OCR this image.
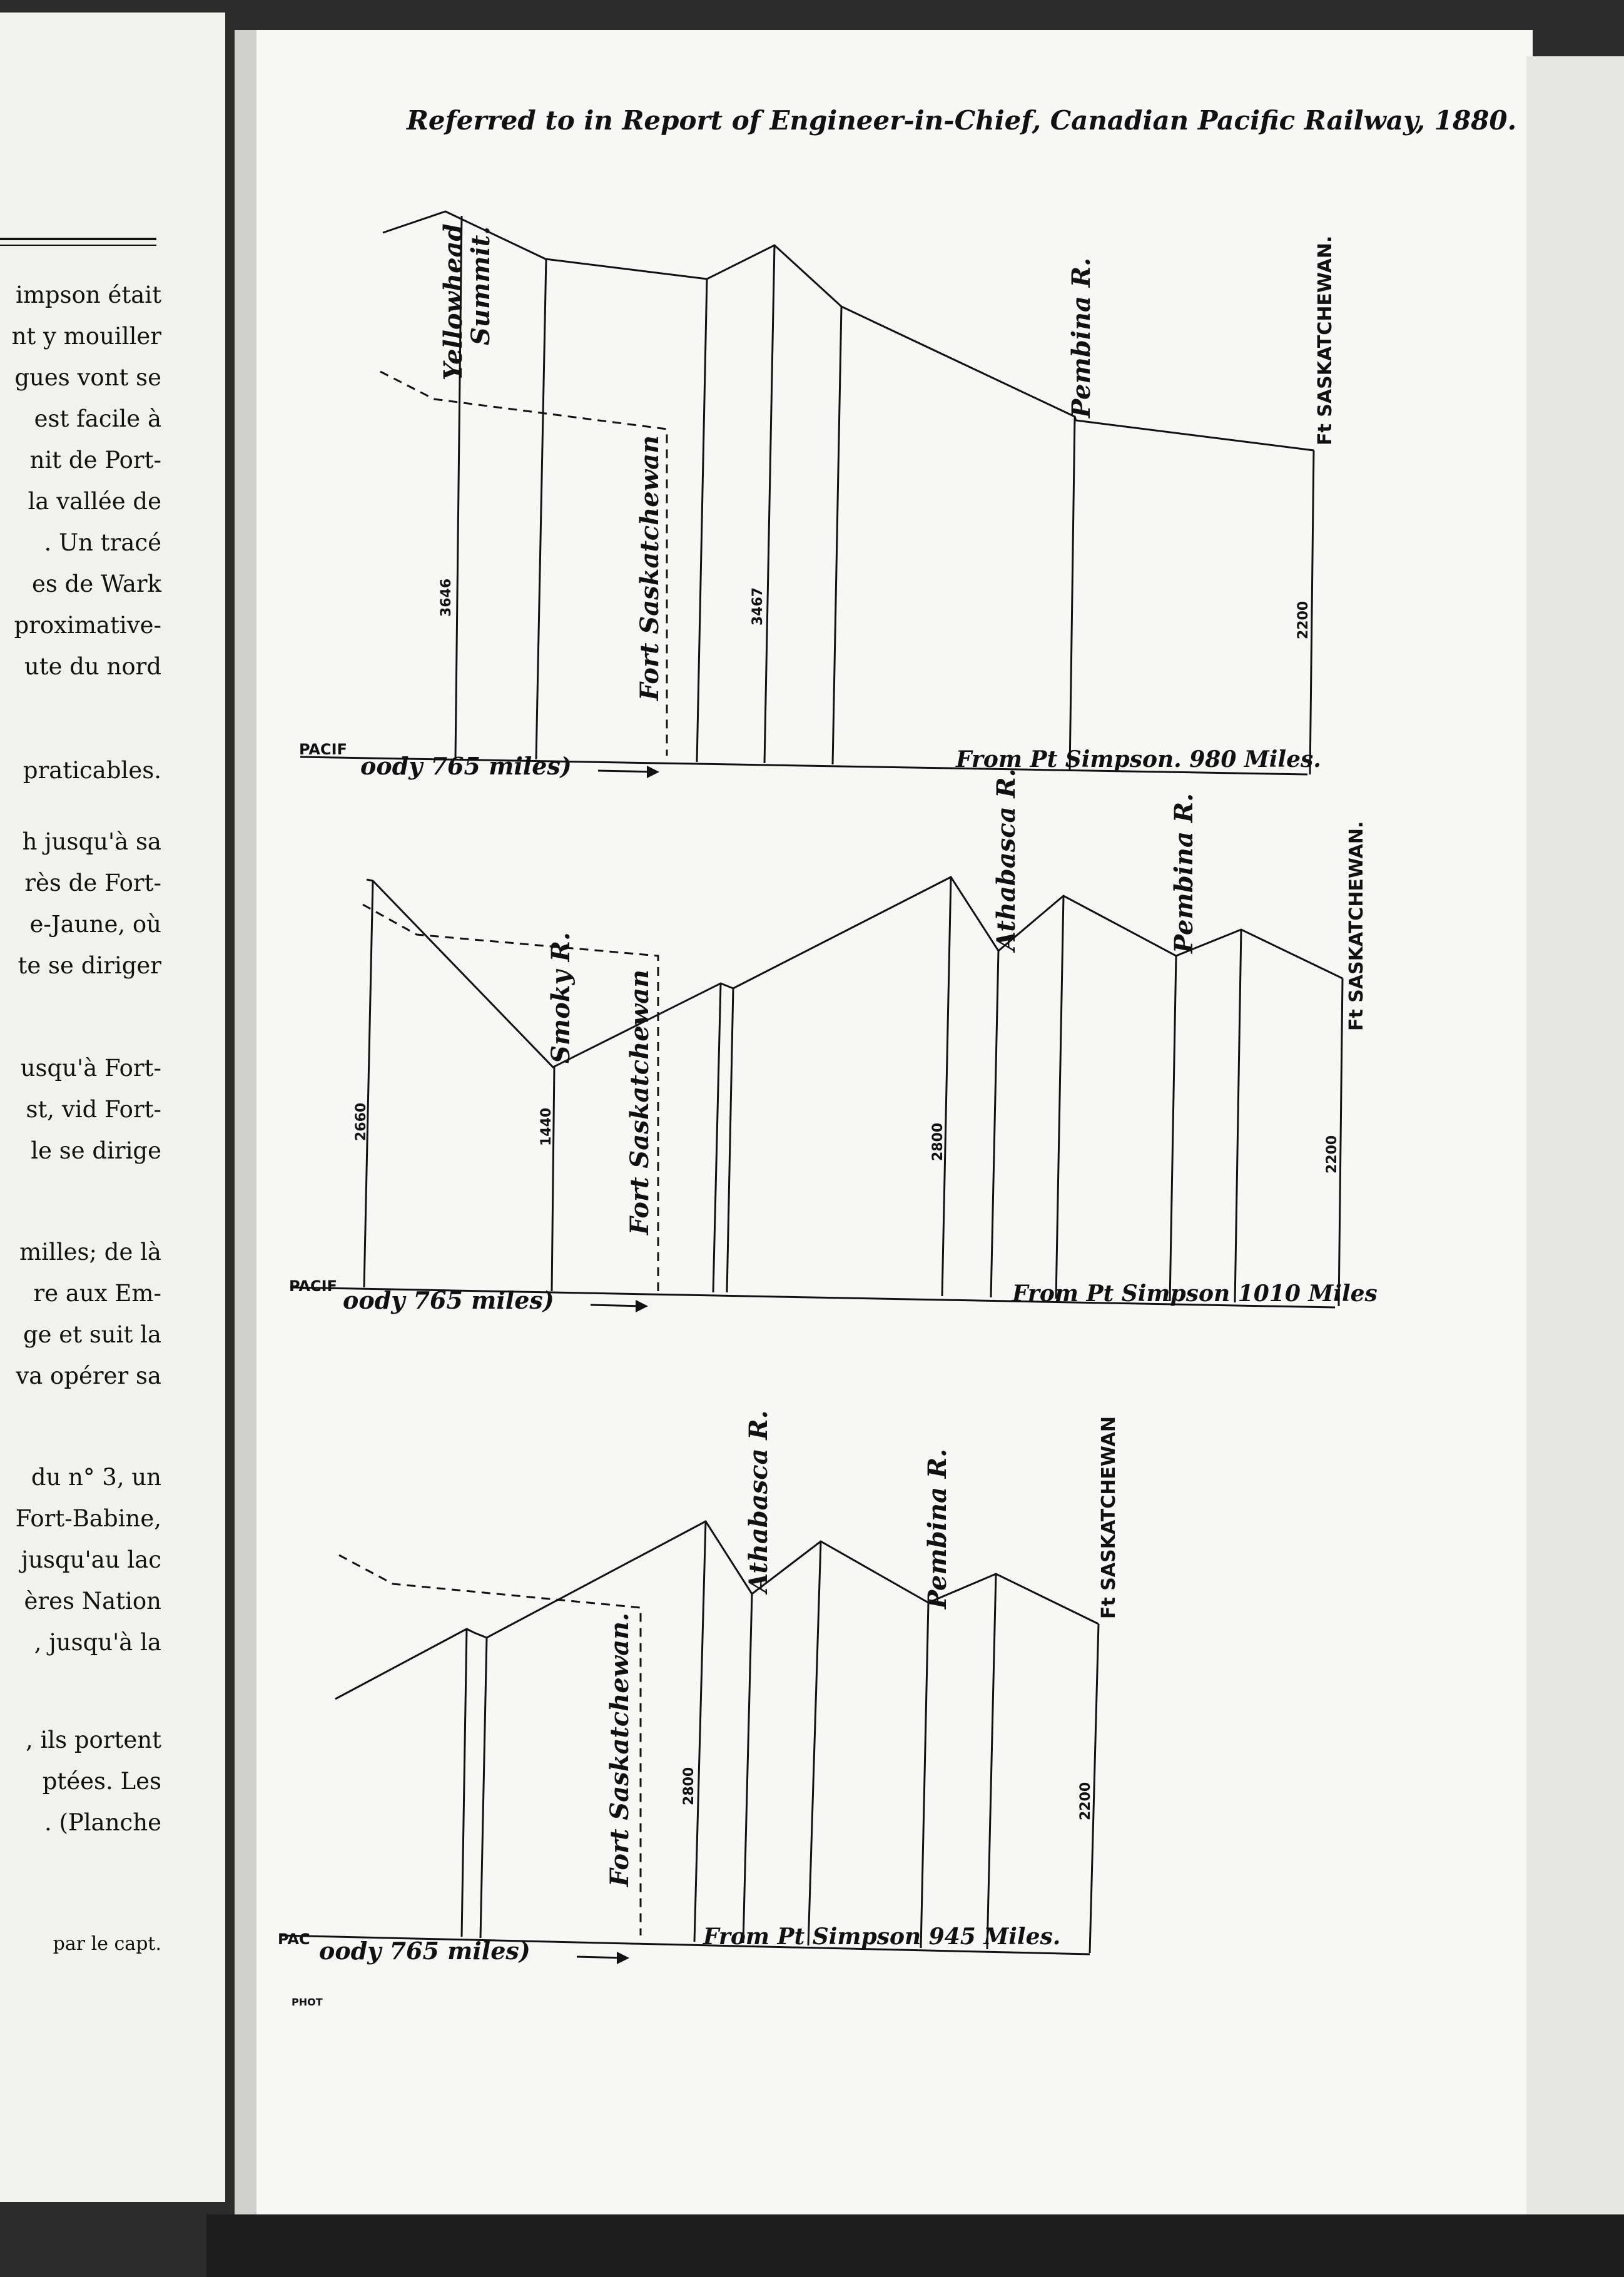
Referred to in Report of Engineer-in-Chief, Canadian Pacific Railway, 1880.
Yellowhead
Summit.
Fort Saskatchewan
Pembina R.	Ft SASKATCHEWAN.
3646	3467	2200
PACIF
oody 765 miles)	From Pt Simpson. 980 Miles.
Smoky R. Fort Saskatchewan
Athabasca R.	Pembina R.	Ft SASKATCHEWAN.
2660	1440	2800	2200
PACIF oody 765 miles)	From Pt Simpson 1010 Miles
Fort Saskatchewan.
Athabasca R.	Pembina R.	Ft SASKATCHEWAN
2800	2200
PAC oody 765 miles)	From Pt Simpson 945 Miles.
PHOT
impson était
nt y mouiller
gues vont se
est facile à
nit de Port-
la vallée de
. Un tracé
es de Wark
proximative-
ute du nord
praticables.
h jusqu'à sa
rès de Fort-
e-Jaune, où
te se diriger
usqu'à Fort-
st, vid Fort-
le se dirige
milles; de là
re aux Em-
ge et suit la
va opérer sa
du n° 3, un
Fort-Babine,
jusqu'au lac
ères Nation
, jusqu'à la
, ils portent
ptées. Les
. (Planche
par le capt.
